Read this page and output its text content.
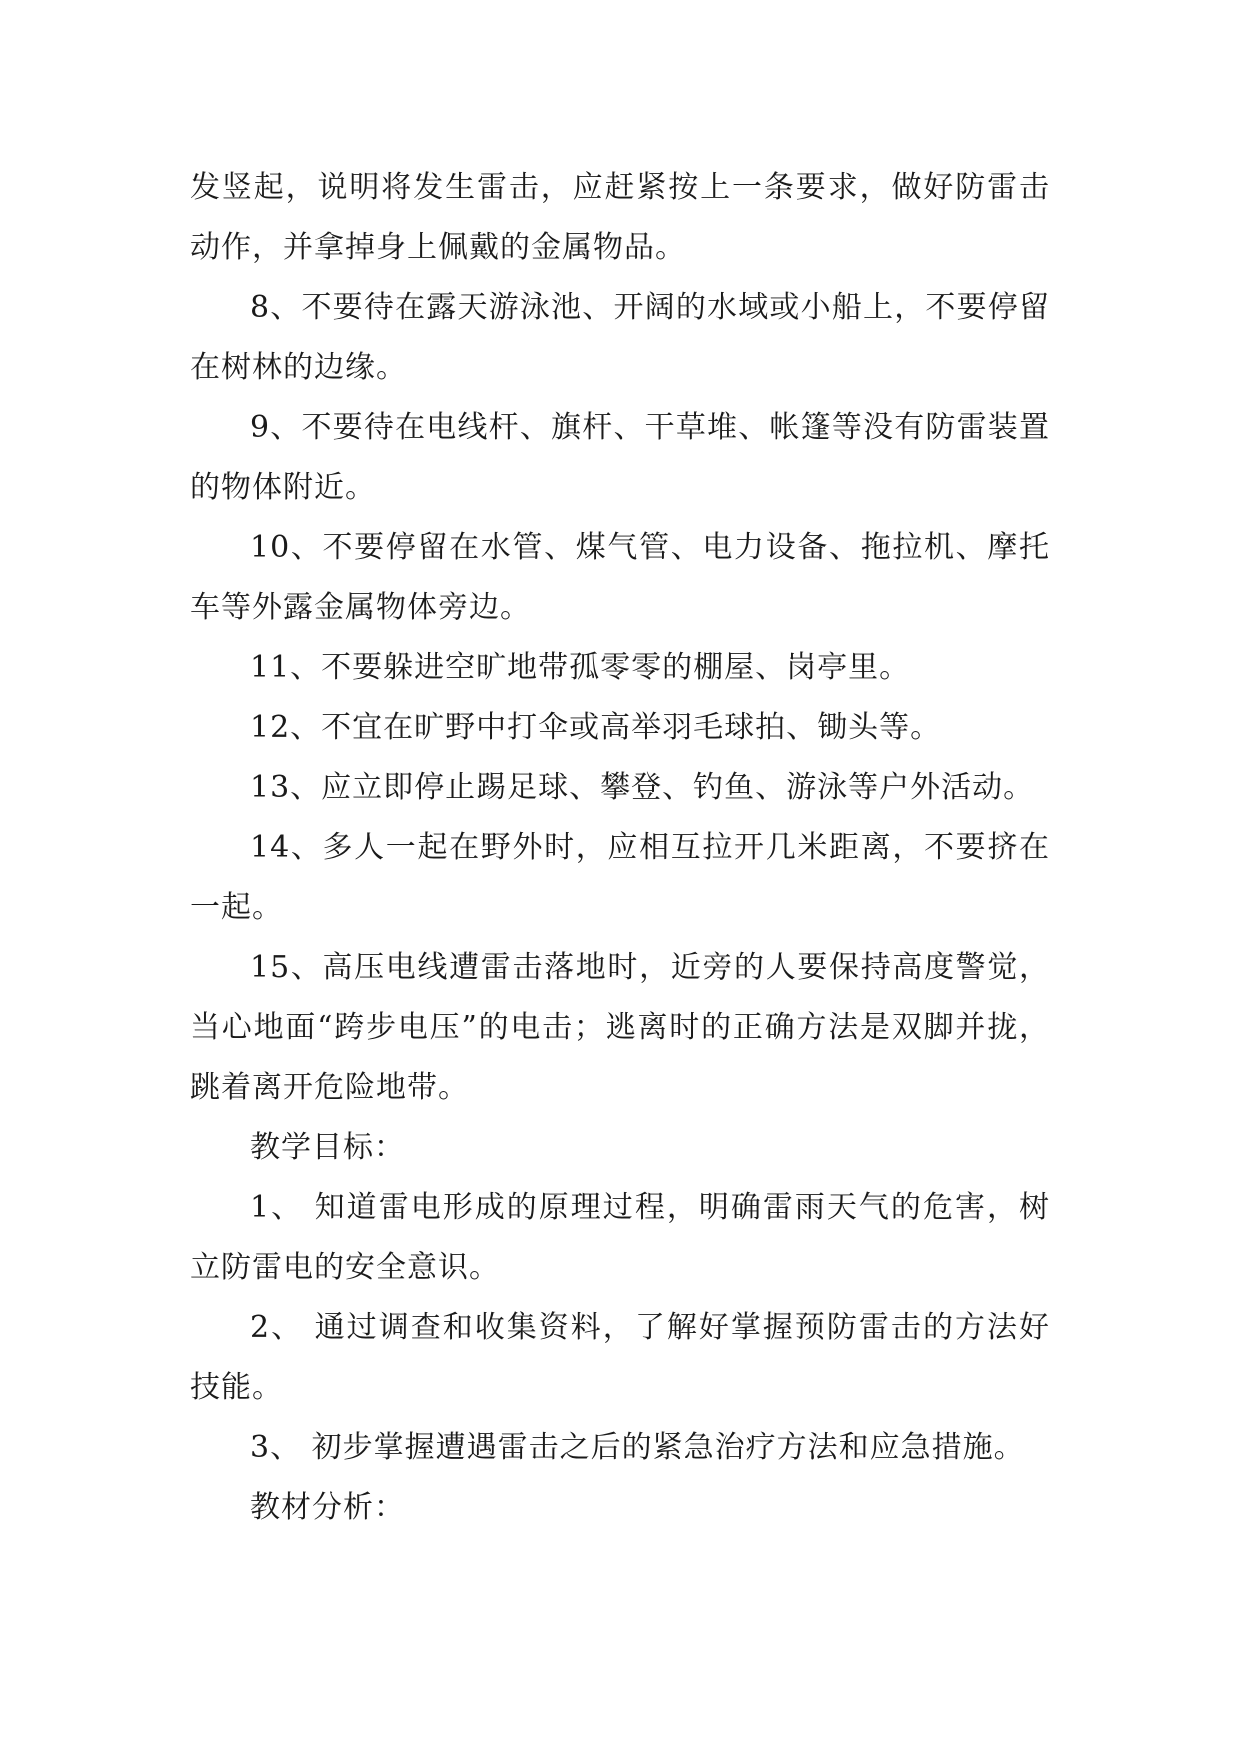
发竖起，说明将发生雷击，应赶紧按上一条要求，做好防雷击动作，并拿掉身上佩戴的金属物品。

8、不要待在露天游泳池、开阔的水域或小船上，不要停留在树林的边缘。

9、不要待在电线杆、旗杆、干草堆、帐篷等没有防雷装置的物体附近。

10、不要停留在水管、煤气管、电力设备、拖拉机、摩托车等外露金属物体旁边。

11、不要躲进空旷地带孤零零的棚屋、岗亭里。

12、不宜在旷野中打伞或高举羽毛球拍、锄头等。

13、应立即停止踢足球、攀登、钓鱼、游泳等户外活动。

14、多人一起在野外时，应相互拉开几米距离，不要挤在一起。

15、高压电线遭雷击落地时，近旁的人要保持高度警觉，当心地面“跨步电压”的电击；逃离时的正确方法是双脚并拢，跳着离开危险地带。

教学目标：

1、 知道雷电形成的原理过程，明确雷雨天气的危害，树立防雷电的安全意识。

2、 通过调查和收集资料，了解好掌握预防雷击的方法好技能。

3、 初步掌握遭遇雷击之后的紧急治疗方法和应急措施。

教材分析：
